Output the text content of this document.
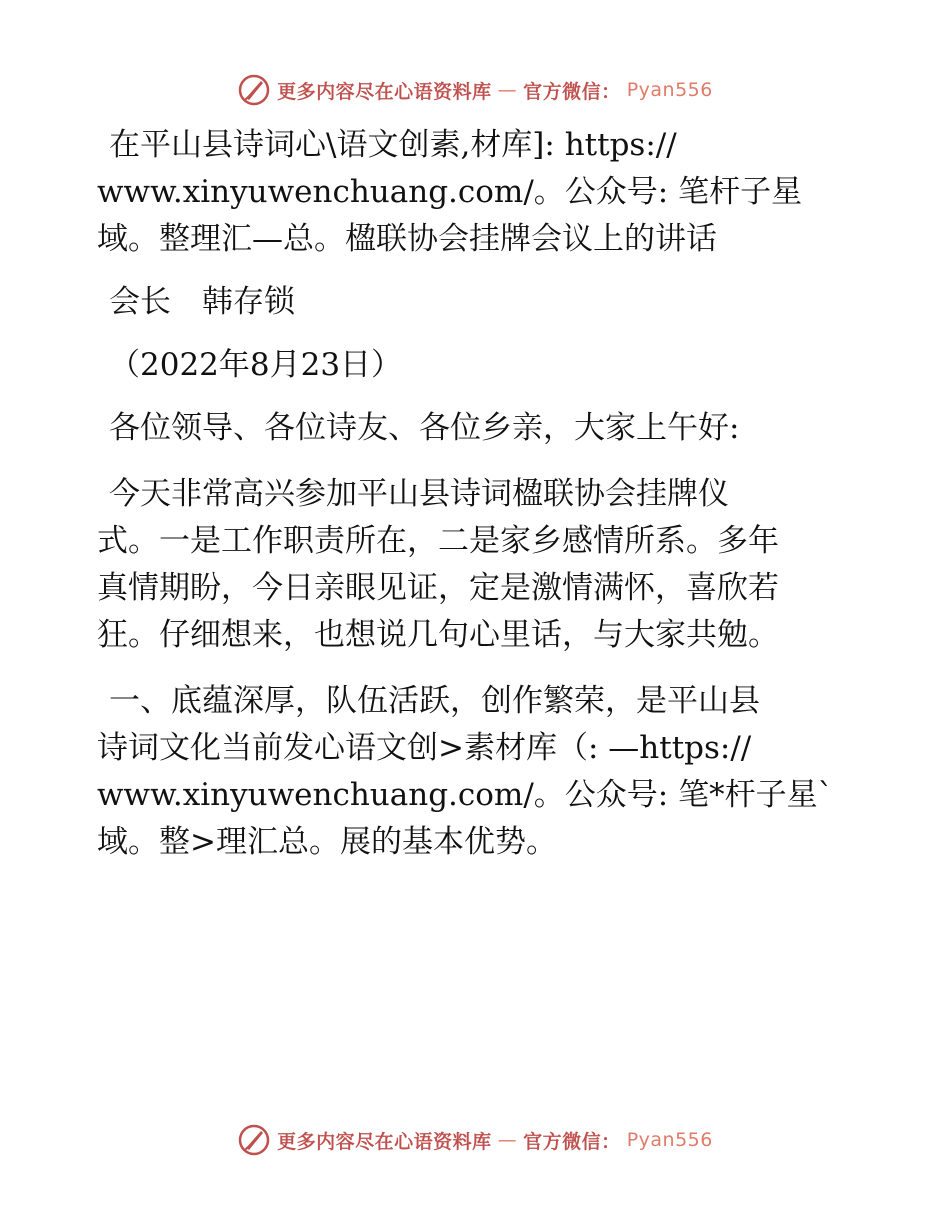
更多内容尽在心语资料库 — 官方微信： Pyan556

在平山县诗词心\语文创素,材库]: https://

www.xinyuwenchuang.com/。公众号: 笔杆子星

域。整理汇—总。楹联协会挂牌会议上的讲话

会长　韩存锁

（2022年8月23日）

各位领导、各位诗友、各位乡亲，大家上午好:

今天非常高兴参加平山县诗词楹联协会挂牌仪

式。一是工作职责所在，二是家乡感情所系。多年

真情期盼，今日亲眼见证，定是激情满怀，喜欣若

狂。仔细想来，也想说几句心里话，与大家共勉。

一、底蕴深厚，队伍活跃，创作繁荣，是平山县

诗词文化当前发心语文创>素材库（: —https://

www.xinyuwenchuang.com/。公众号: 笔*杆子星`

域。整>理汇总。展的基本优势。

更多内容尽在心语资料库 — 官方微信： Pyan556
